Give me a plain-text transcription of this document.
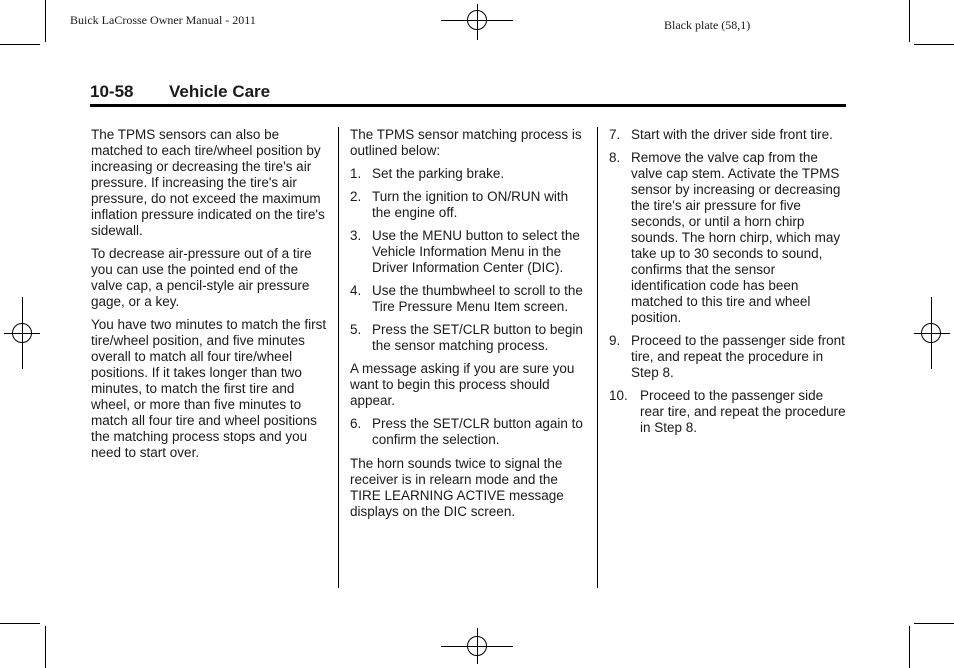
Buick LaCrosse Owner Manual - 2011	Black plate (58,1)
10-58 Vehicle Care

The TPMS sensors can also be matched to each tire/wheel position by increasing or decreasing the tire's air pressure. If increasing the tire's air pressure, do not exceed the maximum inflation pressure indicated on the tire's sidewall.

To decrease air-pressure out of a tire you can use the pointed end of the valve cap, a pencil-style air pressure gage, or a key.

You have two minutes to match the first tire/wheel position, and five minutes overall to match all four tire/wheel positions. If it takes longer than two minutes, to match the first tire and wheel, or more than five minutes to match all four tire and wheel positions the matching process stops and you need to start over.

The TPMS sensor matching process is outlined below:

1. Set the parking brake.
2. Turn the ignition to ON/RUN with the engine off.
3. Use the MENU button to select the Vehicle Information Menu in the Driver Information Center (DIC).
4. Use the thumbwheel to scroll to the Tire Pressure Menu Item screen.
5. Press the SET/CLR button to begin the sensor matching process.

A message asking if you are sure you want to begin this process should appear.

6. Press the SET/CLR button again to confirm the selection.

The horn sounds twice to signal the receiver is in relearn mode and the TIRE LEARNING ACTIVE message displays on the DIC screen.

7. Start with the driver side front tire.
8. Remove the valve cap from the valve cap stem. Activate the TPMS sensor by increasing or decreasing the tire's air pressure for five seconds, or until a horn chirp sounds. The horn chirp, which may take up to 30 seconds to sound, confirms that the sensor identification code has been matched to this tire and wheel position.
9. Proceed to the passenger side front tire, and repeat the procedure in Step 8.
10. Proceed to the passenger side rear tire, and repeat the procedure in Step 8.
